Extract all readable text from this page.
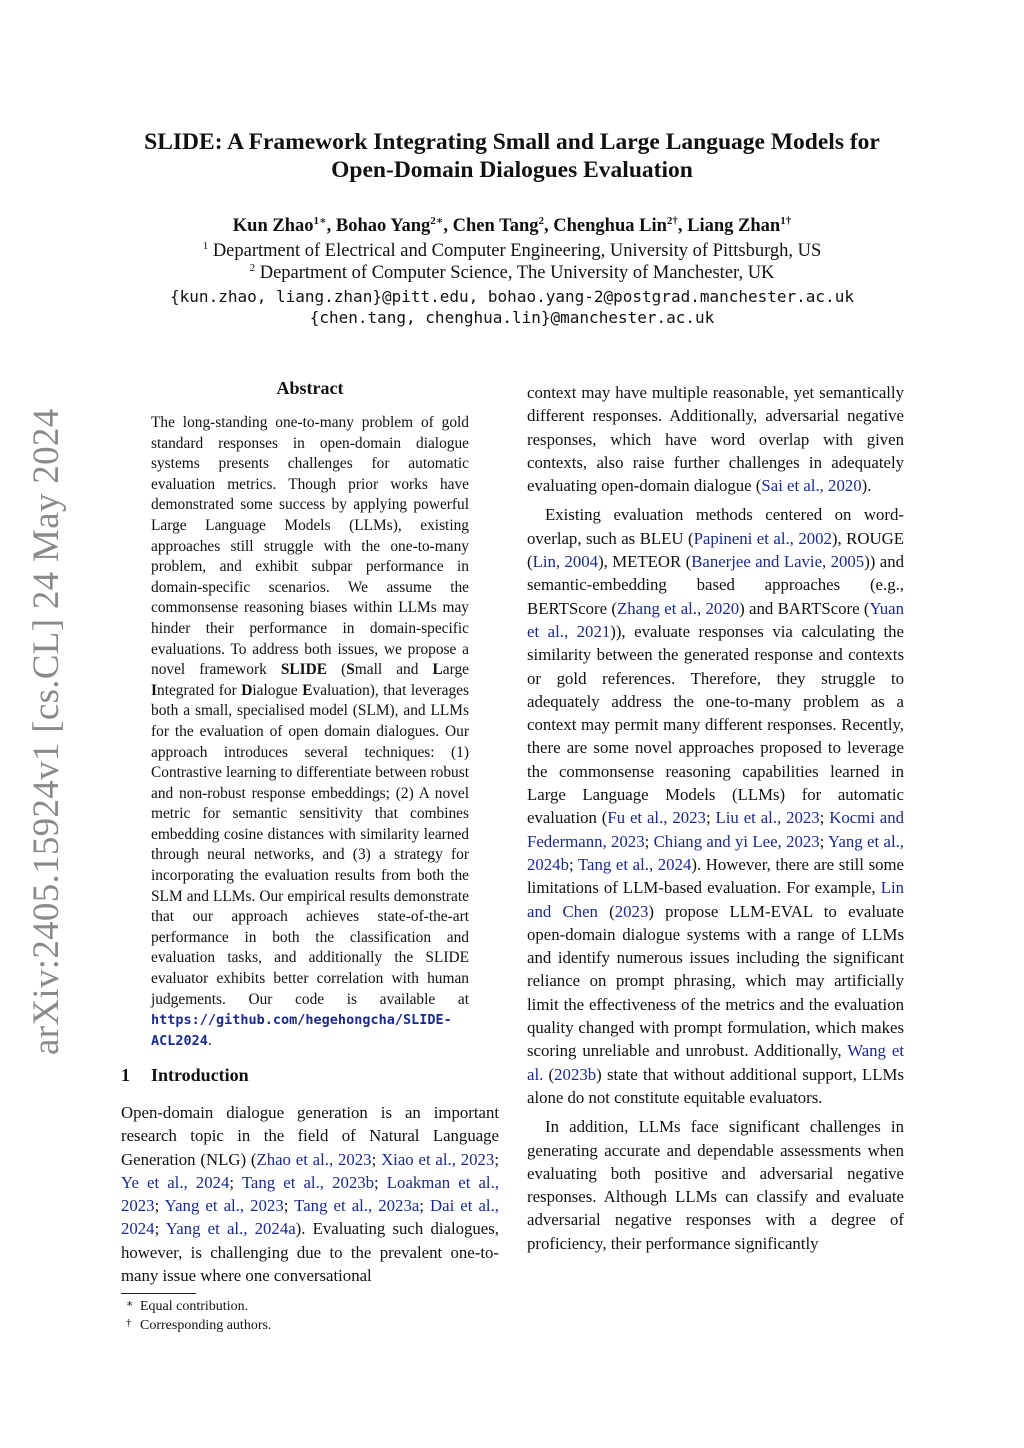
SLIDE: A Framework Integrating Small and Large Language Models for
Open-Domain Dialogues Evaluation
Kun Zhao$^{1∗}$, Bohao Yang$^{2∗}$, Chen Tang$^2$, Chenghua Lin$^{2\dagger}$, Liang Zhan$^{1\dagger}$
$^1$ Department of Electrical and Computer Engineering, University of Pittsburgh, US
$^2$ Department of Computer Science, The University of Manchester, UK
{kun.zhao, liang.zhan}@pitt.edu, bohao.yang-2@postgrad.manchester.ac.uk
{chen.tang, chenghua.lin}@manchester.ac.uk
arXiv:2405.15924v1 [cs.CL] 24 May 2024
Abstract
The long-standing one-to-many problem of gold standard responses in open-domain dialogue systems presents challenges for automatic evaluation metrics. Though prior works have demonstrated some success by applying powerful Large Language Models (LLMs), existing approaches still struggle with the one-to-many problem, and exhibit subpar performance in domain-specific scenarios. We assume the commonsense reasoning biases within LLMs may hinder their performance in domain-specific evaluations. To address both issues, we propose a novel framework SLIDE (Small and Large Integrated for Dialogue Evaluation), that leverages both a small, specialised model (SLM), and LLMs for the evaluation of open domain dialogues. Our approach introduces several techniques: (1) Contrastive learning to differentiate between robust and non-robust response embeddings; (2) A novel metric for semantic sensitivity that combines embedding cosine distances with similarity learned through neural networks, and (3) a strategy for incorporating the evaluation results from both the SLM and LLMs. Our empirical results demonstrate that our approach achieves state-of-the-art performance in both the classification and evaluation tasks, and additionally the SLIDE evaluator exhibits better correlation with human judgements. Our code is available at https://github.com/hegehongcha/SLIDE-ACL2024.
1 Introduction
Open-domain dialogue generation is an important research topic in the field of Natural Language Generation (NLG) (Zhao et al., 2023; Xiao et al., 2023; Ye et al., 2024; Tang et al., 2023b; Loakman et al., 2023; Yang et al., 2023; Tang et al., 2023a; Dai et al., 2024; Yang et al., 2024a). Evaluating such dialogues, however, is challenging due to the prevalent one-to-many issue where one conversational

context may have multiple reasonable, yet semantically different responses. Additionally, adversarial negative responses, which have word overlap with given contexts, also raise further challenges in adequately evaluating open-domain dialogue (Sai et al., 2020).

Existing evaluation methods centered on word-overlap, such as BLEU (Papineni et al., 2002), ROUGE (Lin, 2004), METEOR (Banerjee and Lavie, 2005)) and semantic-embedding based approaches (e.g., BERTScore (Zhang et al., 2020) and BARTScore (Yuan et al., 2021)), evaluate responses via calculating the similarity between the generated response and contexts or gold references. Therefore, they struggle to adequately address the one-to-many problem as a context may permit many different responses. Recently, there are some novel approaches proposed to leverage the commonsense reasoning capabilities learned in Large Language Models (LLMs) for automatic evaluation (Fu et al., 2023; Liu et al., 2023; Kocmi and Federmann, 2023; Chiang and yi Lee, 2023; Yang et al., 2024b; Tang et al., 2024). However, there are still some limitations of LLM-based evaluation. For example, Lin and Chen (2023) propose LLM-EVAL to evaluate open-domain dialogue systems with a range of LLMs and identify numerous issues including the significant reliance on prompt phrasing, which may artificially limit the effectiveness of the metrics and the evaluation quality changed with prompt formulation, which makes scoring unreliable and unrobust. Additionally, Wang et al. (2023b) state that without additional support, LLMs alone do not constitute equitable evaluators.

In addition, LLMs face significant challenges in generating accurate and dependable assessments when evaluating both positive and adversarial negative responses. Although LLMs can classify and evaluate adversarial negative responses with a degree of proficiency, their performance significantly

∗ Equal contribution.
† Corresponding authors.
